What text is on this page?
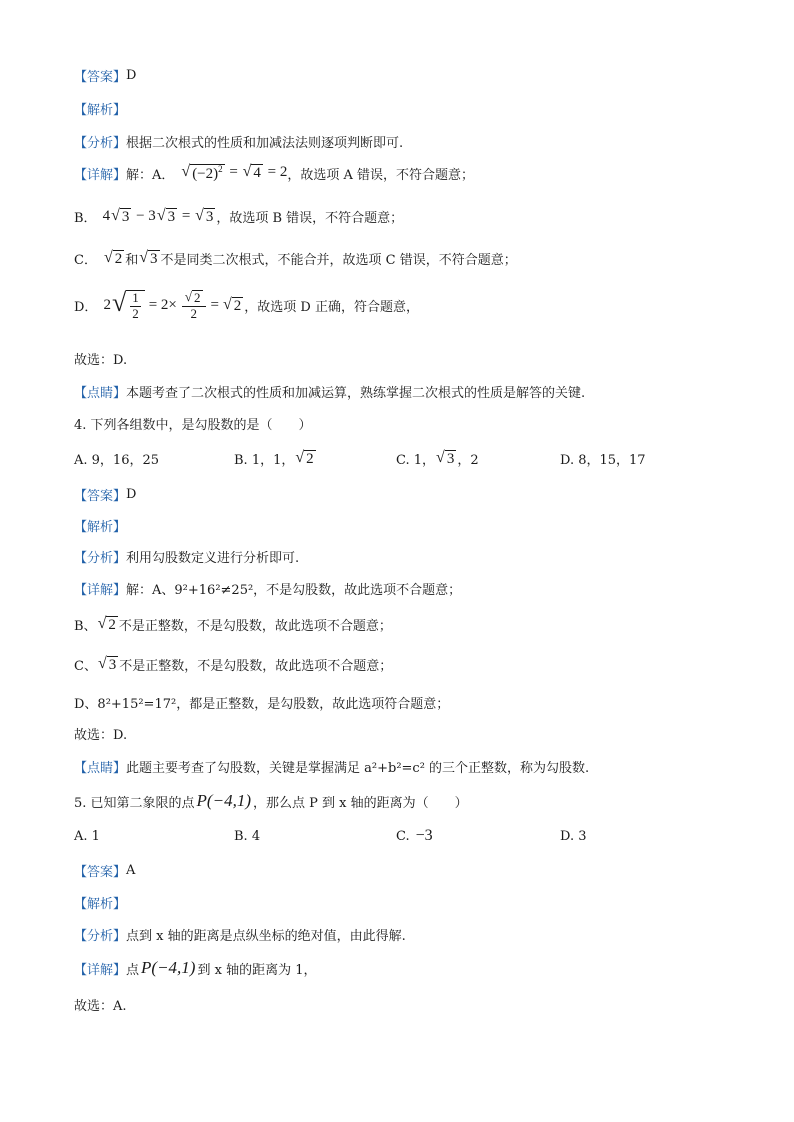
【答案】 D
【解析】
【分析】 根据二次根式的性质和加减法法则逐项判断即可.
【详解】 解：A． √ $(-2)^2$ = √ 4 = 2 ，故选项 A 错误，不符合题意；
B． 4 √ 3 − 3 √ 3 = √ 3 ，故选项 B 错误，不符合题意；
C． √ 2 和 √ 3 不是同类二次根式，不能合并，故选项 C 错误，不符合题意；
D． 2 √ $\frac{1}{2} = 2\times \frac{√ 2}{2}$ = √ 2 ，故选项 D 正确，符合题意，
故选：D.
【点睛】 本题考查了二次根式的性质和加减运算，熟练掌握二次根式的性质是解答的关键.
4. 下列各组数中，是勾股数的是（　　）
A. 9，16，25	B. 1，1， √ 2	C. 1， √ 3 ，2	D. 8，15，17
【答案】 D
【解析】
【分析】 利用勾股数定义进行分析即可.
【详解】 解：A、9²+16²≠25²，不是勾股数，故此选项不合题意；
B、 √ 2 不是正整数，不是勾股数，故此选项不合题意；
C、 √ 3 不是正整数，不是勾股数，故此选项不合题意；
D、8²+15²=17²，都是正整数，是勾股数，故此选项符合题意；
故选：D.
【点睛】 此题主要考查了勾股数，关键是掌握满足 a²+b²=c² 的三个正整数，称为勾股数.
5. 已知第二象限的点 P(−4,1) ，那么点 P 到 x 轴的距离为（　　）
A. 1	B. 4	C. −3	D. 3
【答案】 A
【解析】
【分析】 点到 x 轴的距离是点纵坐标的绝对值，由此得解.
【详解】 点 P(−4,1) 到 x 轴的距离为 1，
故选：A.
